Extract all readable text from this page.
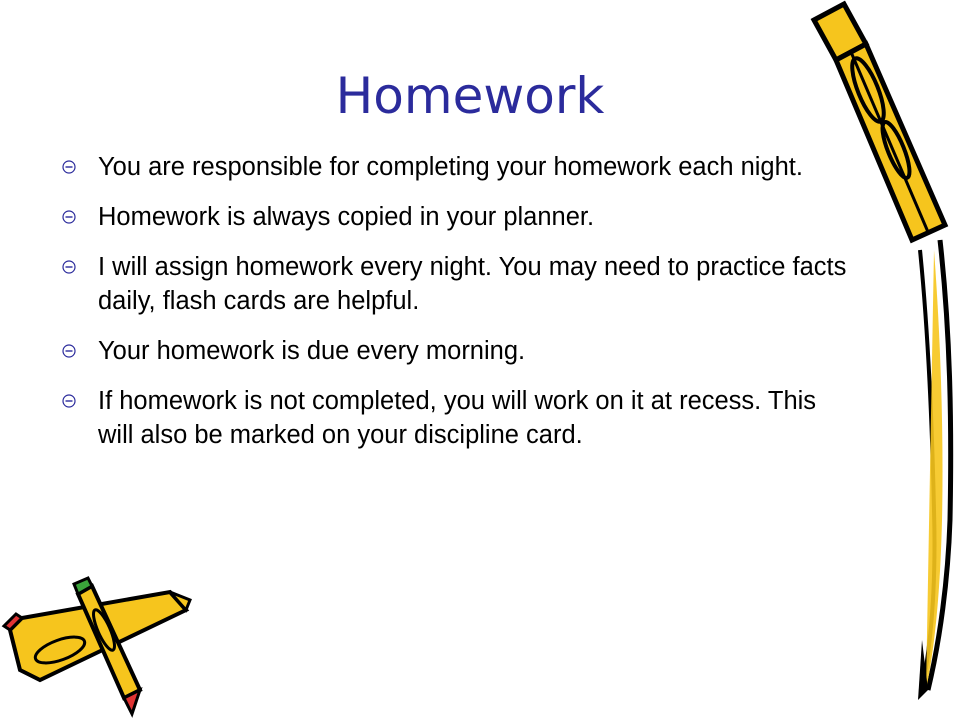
Homework
You are responsible for completing your homework each night.
Homework is always copied in your planner.
I will assign homework every night. You may need to practice facts daily, flash cards are helpful.
Your homework is due every morning.
If homework is not completed, you will work on it at recess. This will also be marked on your discipline card.
